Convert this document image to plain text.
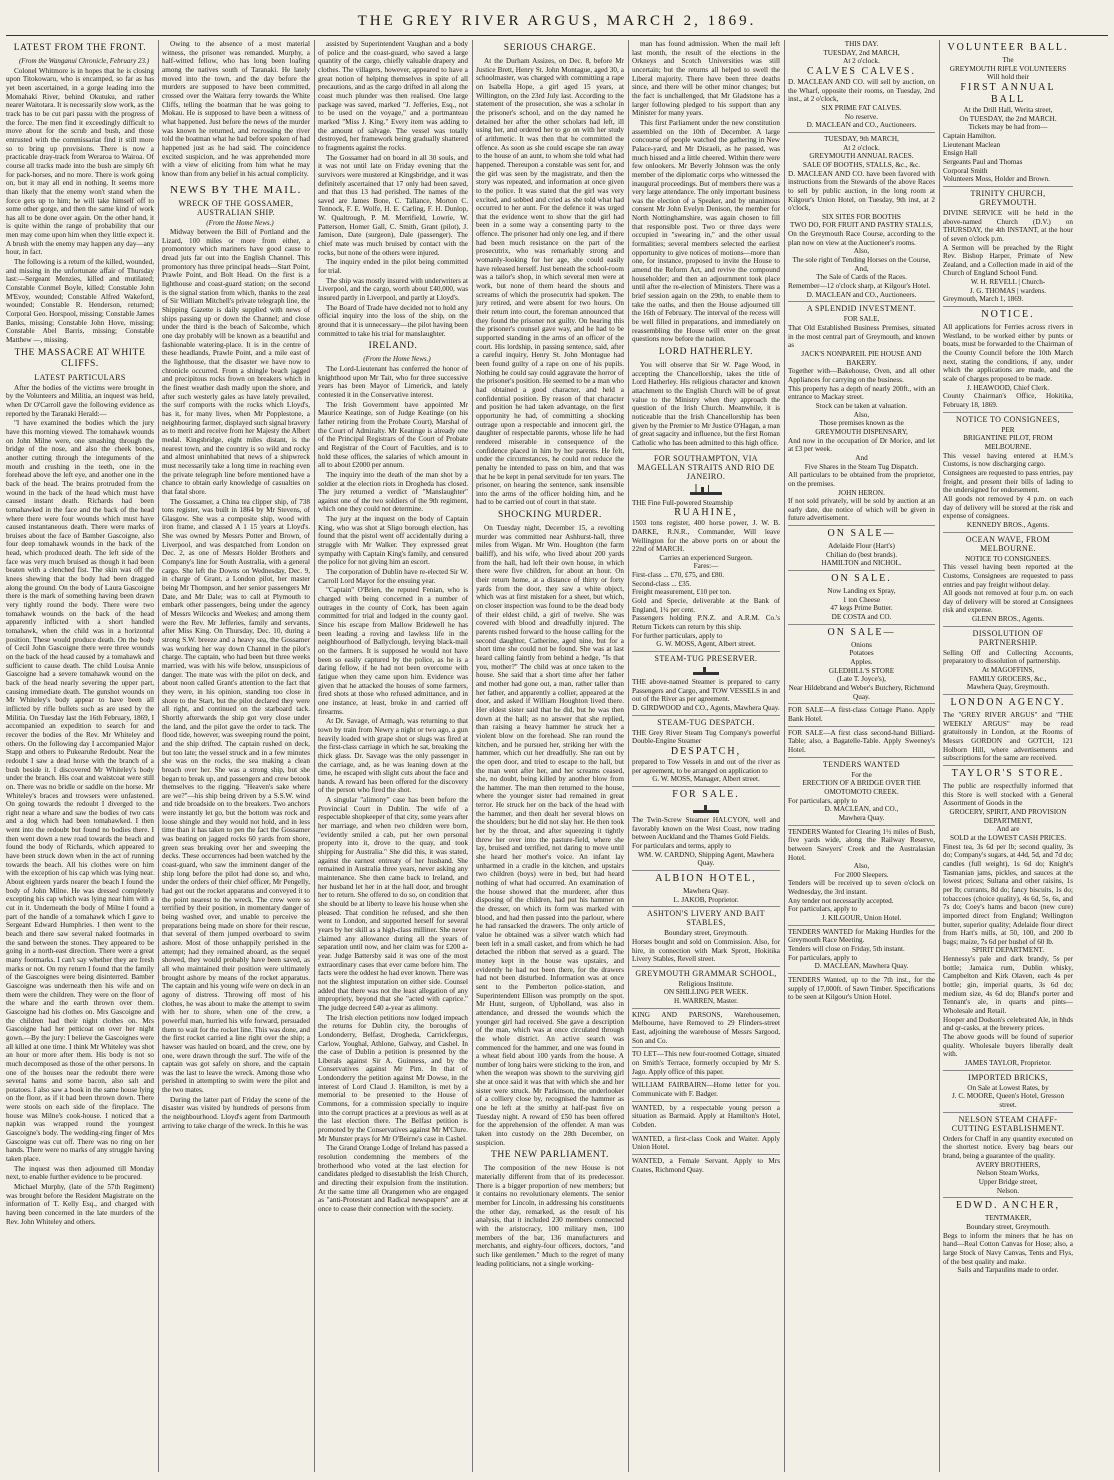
THE GREY RIVER ARGUS, MARCH 2, 1869.
LATEST FROM THE FRONT.

(From the Wanganui Chronicle, February 23.)

Colonel Whitmore is in hopes that he is closing upon Titokowaru, who is encamped, so far as has yet been ascertained, in a gorge leading into the Momahaki River, behind Okutuku, and rather nearer Waitotara. It is necessarily slow work, as the track has to be cut pari passu with the progress of the force. The men find it exceedingly difficult to move about for the scrub and bush, and those entrusted with the commissariat find it still more so to bring up provisions. There is now a practicable dray-track from Weraroa to Wairoa. Of course all tracks made into the bush are simply 6ft for pack-horses, and no more. There is work going on, but it may all end in nothing. It seems more than likely that the enemy won't stand when the force gets up to him; he will take himself off to some other gorge, and then the same kind of work has all to be done over again. On the other hand, it is quite within the range of probability that our men may come upon him when they little expect it. A brush with the enemy may happen any day—any hour, in fact.

The following is a return of the killed, wounded, and missing in the unfortunate affair of Thursday last:—Sergeant Menzies, killed and mutilated; Constable Conmel Boyle, killed; Constable John M'Evoy, wounded; Constable Alfred Wakeford, wounded; Constable R. Henderson, returned; Corporal Geo. Horspool, missing; Constable James Banks, missing; Constable John Hove, missing; Constable Abel Barris, missing; Constable Matthew —, missing.

THE MASSACRE AT WHITE CLIFFS.
LATEST PARTICULARS

After the bodies of the victims were brought in by the Volunteers and Militia, an inquest was held, when Dr O'Carroll gave the following evidence as reported by the Taranaki Herald:—

"I have examined the bodies which the jury have this morning viewed. The tomahawk wounds on John Milne were, one smashing through the bridge of the nose, and also the cheek bones, another cutting through the integuments of the mouth and crushing in the teeth, one in the forehead above the left eye, and another one in the back of the head. The brains protruded from the wound in the back of the head which must have caused instant death. Richards had been tomahawked in the face and the back of the head where there were four wounds which must have caused instantaneous death. There were marks of bruises about the face of Bamber Gascoigne, also four deep tomahawk wounds in the back of the head, which produced death. The left side of the face was very much bruised as though it had been beaten with a clenched fist. The skin was off the knees shewing that the body had been dragged along the ground. On the body of Laura Gascoigne there is the mark of something having been drawn very tightly round the body. There were two tomahawk wounds on the back of the head apparently inflicted with a short handled tomahawk, when the child was in a horizontal position. These would produce death. On the body of Cecil John Gascoigne there were three wounds on the back of the head caused by a tomahawk and sufficient to cause death. The child Louisa Annie Gascoigne had a severe tomahawk wound on the back of the head nearly severing the upper part, causing immediate death. The gunshot wounds on Mr Whiteley's body appear to have been all inflicted by rifle bullets such as are used by the Militia. On Tuesday last the 16th February, 1869, I accompanied an expedition to search for and recover the bodies of the Rev. Mr Whiteley and others. On the following day I accompanied Major Stapp and others to Pukearuhe Redoubt. Near the redoubt I saw a dead horse with the branch of a bush beside it. I discovered Mr Whiteley's body under the branch. His coat and waistcoat were still on. There was no bridle or saddle on the horse. Mr Whiteley's braces and trowsers were unfastened. On going towards the redoubt I diverged to the right near a whare and saw the bodies of two cats and a dog which had been tomahawked. I then went into the redoubt but found no bodies there. I then went down a new road towards the beach and found the body of Richards, which appeared to have been struck down when in the act of running towards the beach. All his clothes were on him with the exception of his cap which was lying near. About eighteen yards nearer the beach I found the body of John Milne. He was dressed completely excepting his cap which was lying near him with a cut in it. Underneath the body of Milne I found a part of the handle of a tomahawk which I gave to Sergeant Edward Humphries. I then went to the beach and there saw several naked footmarks in the sand between the stones. They appeared to be going in a north-east direction. There were a great many footmarks. I can't say whether they are fresh marks or not. On my return I found that the family of the Gascoignes were being disinterred. Bamber Gascoigne was underneath then his wife and on them were the children. They were on the floor of the whare and the earth thrown over them. Gascoigne had his clothes on. Mrs Gascoigne and the children had their night clothes on. Mrs Gascoigne had her petticoat on over her night gown.—By the jury: I believe the Gascoignes were all killed at one time. I think Mr Whiteley was shot an hour or more after them. His body is not so much decomposed as those of the other persons. In one of the houses near the redoubt there were several hams and some bacon, also salt and potatoes. I also saw a book in the same house lying on the floor, as if it had been thrown down. There were stools on each side of the fireplace. The house was Milne's cook-house. I noticed that a napkin was wrapped round the youngest Gascoigne's body. The wedding-ring finger of Mrs Gascoigne was cut off. There was no ring on her hands. There were no marks of any struggle having taken place.

The inquest was then adjourned till Monday next, to enable further evidence to be procured.

Michael Murphy, (late of the 57th Regiment) was brought before the Resident Magistrate on the information of T. Kelly Esq., and charged with having been concerned in the late murders of the Rev. John Whiteley and others.

Owing to the absence of a most material witness, the prisoner was remanded. Murphy, a half-witted fellow, who has long been loafing among the natives south of Taranaki. He lately moved into the town, and the day before the murders are supposed to have been committed, crossed over the Waitara ferry towards the White Cliffs, telling the boatman that he was going to Mokau. He is supposed to have been a witness of what happened. Just before the news of the murder was known he returned, and recrossing the river told the boatman what he had before spoken of had happened just as he had said. The coincidence excited suspicion, and he was apprehended more with a view of eliciting from him what he may know than from any belief in his actual complicity.

NEWS BY THE MAIL.
WRECK OF THE GOSSAMER, AUSTRALIAN SHIP.

(From the Home News.)

Midway between the Bill of Portland and the Lizard, 100 miles or more from either, a promontory which mariners have good cause to dread juts far out into the English Channel. This promontory has three principal heads—Start Point, Prawle Point, and Bolt Head. On the first is a lighthouse and coast-guard station; on the second is the signal station from which, thanks to the zeal of Sir William Mitchell's private telegraph line, the Shipping Gazette is daily supplied with news of ships passing up or down the Channel; and close under the third is the beach of Salcombe, which one day probably will be known as a beautiful and fashionable watering-place. It is in the centre of these headlands, Prawle Point, and a mile east of the lighthouse, that the disaster we have now to chronicle occurred. From a shingle beach jagged and precipitous rocks frown on breakers which in the finest weather dash madly upon the shore, and after such westerly gales as have lately prevailed, the surf comports with the rocks which Lloyd's, has it, for many lives, when Mr Popplestone, a neighbouring farmer, displayed such signal bravery as to merit and receive from her Majesty the Albert medal. Kingsbridge, eight miles distant, is the nearest town, and the country is so wild and rocky and almost uninhabited that news of a shipwreck must necessarily take a long time in reaching even the private telegraph line before mentioned have a chance to obtain early knowledge of casualties on that fatal shore.

The Gossamer, a China tea clipper ship, of 738 tons register, was built in 1864 by Mr Stevens, of Glasgow. She was a composite ship, wood with iron frame, and classed A 1 15 years at Lloyd's. She was owned by Messrs Potter and Brown, of Liverpool, and was despatched from London on Dec. 2, as one of Messrs Holder Brothers and Company's line for South Australia, with a general cargo. She left the Downs on Wednesday, Dec. 9, in charge of Grant, a London pilot, her master being Mr Thompson, and her senior passengers Mr Date, and Mr Dale; was to call at Plymouth to embark other passengers, being under the agency of Messrs Wilcocks and Weekes; and among them were the Rev. Mr Jefferies, family and servants, after Miss King. On Thursday, Dec. 10, during a strong S.W. breeze and a heavy sea, the Gossamer was working her way down Channel in the pilot's charge. The captain, who had been but three weeks married, was with his wife below, unsuspicious of danger. The mate was with the pilot on deck, and about noon called Grant's attention to the fact that they were, in his opinion, standing too close in shore to the Start, but the pilot declared they were all right, and continued on the starboard tack. Shortly afterwards the ship got very close under the land, and the pilot gave the order to tack. The flood tide, however, was sweeping round the point, and the ship drifted. The captain rushed on deck, but too late; the vessel struck and in a few minutes she was on the rocks, the sea making a clean breach over her. She was a strong ship, but she began to break up, and passengers and crew betook themselves to the rigging. "Heaven's sake where are we?"—his ship being driven by a S.S.W. wind and tide broadside on to the breakers. Two anchors were instantly let go, but the bottom was rock and loose shingle and they would not hold, and in less time than it has taken to pen the fact the Gossamer was beating on jagged rocks 60 yards from shore, green seas breaking over her and sweeping the decks. These occurrences had been watched by the coast-guard, who saw the imminent danger of the ship long before the pilot had done so, and who, under the orders of their chief officer, Mr Pengelly, had got out the rocket apparatus and conveyed it to the point nearest to the wreck. The crew were so terrified by their position, in momentary danger of being washed over, and unable to perceive the preparations being made on shore for their rescue, that several of them jumped overboard to swim ashore. Most of those unhappily perished in the attempt; had they remained aboard, as the sequel showed, they would probably have been saved, as all who maintained their position were ultimately brought ashore by means of the rocket apparatus. The captain and his young wife were on deck in an agony of distress. Throwing off most of his clothes, he was about to make the attempt to swim with her to shore, when one of the crew, a powerful man, hurried his wife forward, persuaded them to wait for the rocket line. This was done, and the first rocket carried a line right over the ship; a hawser was hauled on board, and the crew, one by one, were drawn through the surf. The wife of the captain was got safely on shore, and the captain was the last to leave the wreck. Among those who perished in attempting to swim were the pilot and the two mates.

During the latter part of Friday the scene of the disaster was visited by hundreds of persons from the neighbourhood. Lloyd's agent from Dartmouth arriving to take charge of the wreck. In this he was

assisted by Superintendent Vaughan and a body of police and the coast-guard, who saved a large quantity of the cargo, chiefly valuable drapery and clothes. The villagers, however, appeared to have a great notion of helping themselves in spite of all precautions, and as the cargo drifted in all along the coast much plunder was then realised. One large package was saved, marked "J. Jefferies, Esq., not to be used on the voyage," and a portmanteau marked "Miss J. King." Every item was adding to the amount of salvage. The vessel was totally destroyed, her framework being gradually shattered to fragments against the rocks.

The Gossamer had on board in all 30 souls, and it was not until late on Friday evening that the survivors were mustered at Kingsbridge, and it was definitely ascertained that 17 only had been saved, and that thus 13 had perished. The names of the saved are James Bone, C. Tallance, Morton C. Tennock, F. E. Wolfe, H. E. Carling, F. H. Dunlop, W. Qualtrough, P. M. Merrifield, Lowrie, W. Patterson, Homer Gall, C. Smith, Grant (pilot), J. Jamison, Date (surgeon), Dale (passenger). The chief mate was much bruised by contact with the rocks, but none of the others were injured.

The inquiry ended in the pilot being committed for trial.

The ship was mostly insured with underwriters at Liverpool, and the cargo, worth about £40,000, was insured partly in Liverpool, and partly at Lloyd's.

The Board of Trade have decided not to hold any official inquiry into the loss of the ship, on the ground that it is unnecessary—the pilot having been committed to take his trial for manslaughter.

IRELAND.

(From the Home News.)

The Lord-Lieutenant has conferred the honor of knighthood upon Mr Tait, who for three successive years has been Mayor of Limerick, and lately contested it in the Conservative interest.

The Irish Government have appointed Mr Maurice Keatinge, son of Judge Keatinge (on his father retiring from the Probate Court), Marshal of the Court of Admiralty. Mr Keatinge is already one of the Principal Registrars of the Court of Probate and Registrar of the Court of Faculties, and is to hold these offices, the salaries of which amount in all to about £2000 per annum.

The inquiry into the death of the man shot by a soldier at the election riots in Drogheda has closed. The jury returned a verdict of "Manslaughter" against one of the two soldiers of the 9th regiment, which one they could not determine.

The jury at the inquest on the body of Captain King, who was shot at Sligo borough election, has found that the pistol went off accidentally during a struggle with Mr Walker. They expressed great sympathy with Captain King's family, and censured the police for not giving him an escort.

The corporation of Dublin have re-elected Sir W. Carroll Lord Mayor for the ensuing year.

"Captain" O'Brien, the reputed Fenian, who is charged with being concerned in a number of outrages in the county of Cork, has been again committed for trial and lodged in the county gaol. Since his escape from Mallow Bridewell he has been leading a roving and lawless life in the neighbourhood of Ballyclough, levying black-mail on the farmers. It is supposed he would not have been so easily captured by the police, as he is a daring fellow, if he had not been overcome with fatigue when they came upon him. Evidence was given that he attacked the houses of some farmers, fired shots at those who refused admittance, and in one instance, at least, broke in and carried off firearms.

At Dr. Savage, of Armagh, was returning to that town by train from Newry a night or two ago, a gun heavily loaded with grape shot or slugs was fired at the first-class carriage in which he sat, breaking the thick glass. Dr. Savage was the only passenger in the carriage, and, as he was leaning down at the time, he escaped with slight cuts about the face and hands. A reward has been offered for the discovery of the person who fired the shot.

A singular "alimony" case has been before the Provincial Court in Dublin. The wife of a respectable shopkeeper of that city, some years after her marriage, and when two children were born, "evidently smiled a cab, put her own personal property into it, drove to the quay, and took shipping for Australia." She did this, it was stated, against the earnest entreaty of her husband. She remained in Australia three years, never asking any maintenance. She then came back to Ireland, and her husband let her in at the hall door, and brought her to return. She offered to do so, on condition that she should be at liberty to leave his house when she pleased. That condition he refused, and she then went to London, and supported herself for several years by her skill as a high-class milliner. She never claimed any allowance during all the years of separation until now, and her claim was for £200 a-year. Judge Battersby said it was one of the most extraordinary cases that ever came before him. The facts were the oddest he had ever known. There was not the slightest imputation on either side. Counsel added that there was not the least allegation of any impropriety, beyond that she "acted with caprice." The judge decreed £40 a-year as alimony.

The Irish election petitions now lodged impeach the returns for Dublin city, the boroughs of Londonderry, Belfast, Drogheda, Carrickfergus, Carlow, Youghal, Athlone, Galway, and Cashel. In the case of Dublin a petition is presented by the Liberals against Sir A. Guinness, and by the Conservatives against Mr Pim. In that of Londonderry the petition against Mr Dowse, in the interest of Lord Claud J. Hamilton, is met by a memorial to be presented to the House of Commons, for a commission specially to inquire into the corrupt practices at a previous as well as at the last election there. The Belfast petition is promoted by the Conservatives against Mr M'Clure. Mr Munster prays for Mr O'Beirne's case in Cashel.

The Grand Orange Lodge of Ireland has passed a resolution condemning the members of the brotherhood who voted at the last election for candidates pledged to disestablish the Irish Church, and directing their expulsion from the institution. At the same time all Orangemen who are engaged as "anti-Protestant and Radical newspapers" are at once to cease their connection with the society.

SERIOUS CHARGE.

At the Durham Assizes, on Dec. 8, before Mr Justice Brett, Henry St. John Montague, aged 30, a schoolmaster, was charged with committing a rape on Isabella Hope, a girl aged 15 years, at Willington, on the 23rd July last. According to the statement of the prosecution, she was a scholar in the prisoner's school, and on the day named he detained her after the other scholars had left, ill using her, and ordered her to go on with her study of arithmetic. It was then that he committed the offence. As soon as she could escape she ran away to the house of an aunt, to whom she told what had happened. Thereupon a constable was sent for, and the girl was seen by the magistrate, and then the story was repeated, and information at once given to the police. It was stated that the girl was very excited, and sobbed and cried as she told what had occurred to her aunt. For the defence it was urged that the evidence went to show that the girl had been in a some way a consenting party to the offence. The prisoner had only one leg, and if there had been much resistance on the part of the prosecutrix, who was remarkably strong and womanly-looking for her age, she could easily have released herself. Just beneath the school-room was a tailor's shop, in which several men were at work, but none of them heard the shouts and screams of which the prosecutrix had spoken. The jury retired, and were absent for two hours. On their return into court, the foreman announced that they found the prisoner not guilty. On hearing this the prisoner's counsel gave way, and he had to be supported standing in the arms of an officer of the court. His lordship, in passing sentence, said, after a careful inquiry, Henry St. John Montague had been found guilty of a rape on one of his pupils. Nothing he could say could aggravate the horror of the prisoner's position. He seemed to be a man who had obtained a good character, and held a confidential position. By reason of that character and position he had taken advantage, on the first opportunity he had, of committing a shocking outrage upon a respectable and innocent girl, the daughter of respectable parents, whose life he had rendered miserable in consequence of the confidence placed in him by her parents. He felt, under the circumstances, he could not reduce the penalty he intended to pass on him, and that was that he be kept in penal servitude for ten years. The prisoner, on hearing the sentence, sank insensible into the arms of the officer holding him, and he had to be carried out of court in that state.

SHOCKING MURDER.

On Tuesday night, December 15, a revolting murder was committed near Ashhurst-hall, three miles from Wigan. Mr Wm. Houghton (the farm bailiff), and his wife, who lived about 200 yards from the hall, had left their own house, in which there were five children, for about an hour. On their return home, at a distance of thirty or forty yards from the door, they saw a white object, which was at first mistaken for a sheet, but which, on closer inspection was found to be the dead body of their eldest child, a girl of twelve. She was covered with blood and dreadfully injured. The parents rushed forward to the house calling for the second daughter, Catherine, aged nine, but for a short time she could not be found. She was at last heard calling faintly from behind a hedge, "Is that you, mother?" The child was at once taken to the house. She said that a short time after her father and mother had gone out, a man, rather taller than her father, and apparently a collier, appeared at the door, and asked if William Houghton lived there. Her eldest sister said that he did, but he was then down at the hall; as no answer that she replied, than raising a heavy hammer he struck her a violent blow on the forehead. She ran round the kitchen, and he pursued her, striking her with the hammer, which cut her dreadfully. She ran out by the open door, and tried to escape to the hall, but the man went after her, and her screams ceased, she, no doubt, being killed by another blow from the hammer. The man then returned to the house, where the younger sister had remained in great terror. He struck her on the back of the head with the hammer, and then dealt her several blows on the shoulders; but he did not slay her. He then took her by the throat, and after squeezing it tightly threw her over into the pasture-field, where she lay, bruised and terrified, not daring to move until she heard her mother's voice. An infant lay unharmed in a cradle in the kitchen, and upstairs two children (boys) were in bed, but had heard nothing of what had occurred. An examination of the house showed that the murderer, after thus disposing of the children, had put his hammer on the dresser, on which its form was marked with blood, and had then passed into the parlour, where he had ransacked the drawers. The only article of value he obtained was a silver watch which had been left in a small casket, and from which he had detached the ribbon that served as a guard. The money kept in the house was upstairs, and evidently he had not been there, for the drawers had not been disturbed. Information was at once sent to the Pemberton police-station, and Superintendent Ellison was promptly on the spot. Mr Hunt, surgeon, of Upholland, was also in attendance, and dressed the wounds which the younger girl had received. She gave a description of the man, which was at once circulated through the whole district. An active search was commenced for the hammer, and one was found in a wheat field about 100 yards from the house. A number of long hairs were sticking to the iron, and when the weapon was shown to the surviving girl she at once said it was that with which she and her sister were struck. Mr Parkinson, the underlooker of a colliery close by, recognised the hammer as one he left at the smithy at half-past five on Tuesday night. A reward of £50 has been offered for the apprehension of the offender. A man was taken into custody on the 28th December, on suspicion.

THE NEW PARLIAMENT.

The composition of the new House is not materially different from that of its predecessor. There is a bigger proportion of new members; but it contains no revolutionary elements. The senior member for Lincoln, in addressing his constituents the other day, remarked, as the result of his analysis, that it included 230 members connected with the aristocracy, 100 military men, 100 members of the bar, 136 manufacturers and merchants, and eighty-four officers, doctors, "and such like gentlemen." Much to the regret of many leading politicians, not a single working-

man has found admission. When the mail left last month, the result of the elections in the Orkneys and Scotch Universities was still uncertain; but the returns all helped to swell the Liberal majority. There have been three deaths since, and there will be other minor changes; but the fact is unchallenged, that Mr Gladstone has a larger following pledged to his support than any Minister for many years.

This first Parliament under the new constitution assembled on the 10th of December. A large concourse of people watched the gathering in New Palace-yard, and Mr Disraeli, as he passed, was much hissed and a little cheered. Within there were few onlookers. Mr Beverly Johnson was the only member of the diplomatic corps who witnessed the inaugural proceedings. But of members there was a very large attendance. The only important business was the election of a Speaker, and by unanimous consent Mr John Evelyn Denison, the member for North Nottinghamshire, was again chosen to fill that responsible post. Two or three days were occupied in "swearing in," and the other usual formalities; several members selected the earliest opportunity to give notices of motions—more than one, for instance, proposed to invite the House to amend the Reform Act, and revive the compound householder; and then an adjournment took place until after the re-election of Ministers. There was a brief session again on the 29th, to enable them to take the oaths, and then the House adjourned till the 16th of February. The interval of the recess will be well filled in preparations, and immediately on reassembling the House will enter on the great questions now before the nation.

LORD HATHERLEY.

You will observe that Sir W. Page Wood, in accepting the Chancellorship, takes the title of Lord Hatherley. His religious character and known attachment to the English Church will be of great value to the Ministry when they approach the question of the Irish Church. Meanwhile, it is noticeable that the Irish Chancellorship has been given by the Premier to Mr Justice O'Hagan, a man of great sagacity and influence, but the first Roman Catholic who has been admitted to this high office.

FOR SOUTHAMPTON, VIA MAGELLAN STRAITS AND RIO DE JANEIRO.

THE Fine Full-powered Steamship

RUAHINE,

1503 tons register, 400 horse power, J. W. B. DARKE, R.N.R., Commander, Will leave Wellington for the above ports on or about the 22nd of MARCH.

Carries an experienced Surgeon.

Fares:—

First-class ... £70, £75, and £80.

Second-class ... £35.

Freight measurement, £10 per ton.

Gold and Specie, deliverable at the Bank of England, 1¼ per cent.

Passengers holding P.N.Z. and A.R.M. Co.'s Return Tickets can return by this ship.

For further particulars, apply to

G. W. MOSS, Agent, Albert street.

STEAM-TUG PRESERVER.

THE above-named Steamer is prepared to carry Passengers and Cargo, and TOW VESSELS in and out of the River as per agreement.

D. GIRDWOOD and CO., Agents, Mawhera Quay.

STEAM-TUG DESPATCH.

THE Grey River Steam Tug Company's powerful Double-Engine Steamer

DESPATCH,

prepared to Tow Vessels in and out of the river as per agreement, to be arranged on application to

G. W. MOSS, Manager, Albert street.

FOR SALE.

The Twin-Screw Steamer HALCYON, well and favorably known on the West Coast, now trading between Auckland and the Thames Gold Fields.

For particulars and terms, apply to

WM. W. CARDNO, Shipping Agent, Mawhera Quay.

ALBION HOTEL,

Mawhera Quay.

L. JAKOB, Proprietor.

ASHTON'S LIVERY AND BAIT STABLES,

Boundary street, Greymouth.

Horses bought and sold on Commission. Also, for hire, in connection with Mark Sprott, Hokitika Livery Stables, Revell street.

GREYMOUTH GRAMMAR SCHOOL,

Religious Institute.

ON SHILLING PER WEEK.

H. WARREN, Master.

KING AND PARSONS, Warehousemen, Melbourne, have Removed to 29 Flinders-street East, adjoining the warehouse of Messrs Sargood, Son and Co.

TO LET—This new four-roomed Cottage, situated on Smith's Terrace, formerly occupied by Mr S. Jago. Apply office of this paper.

WILLIAM FAIRBAIRN—Home letter for you. Communicate with F. Badger.

WANTED, by a respectable young person a situation as Barmaid. Apply at Hamilton's Hotel, Cobden.

WANTED, a first-class Cook and Waiter. Apply Union Hotel.

WANTED, a Female Servant. Apply to Mrs Coates, Richmond Quay.

THIS DAY.

TUESDAY, 2nd MARCH,

At 2 o'clock.

CALVES CALVES.

D. MACLEAN AND CO. will sell by auction, on the Wharf, opposite their rooms, on Tuesday, 2nd inst., at 2 o'clock,

SIX PRIME FAT CALVES.

No reserve.

D. MACLEAN and CO., Auctioneers.

TUESDAY, 9th MARCH,

At 2 o'clock.

GREYMOUTH ANNUAL RACES.

SALE OF BOOTHS, STALLS, &c., &c.

D. MACLEAN AND CO. have been favored with instructions from the Stewards of the above Races to sell by public auction, in the long room at Kilgour's Union Hotel, on Tuesday, 9th inst, at 2 o'clock,

SIX SITES FOR BOOTHS

TWO DO, FOR FRUIT AND PASTRY STALLS,

On the Greymouth Race Course, according to the plan now on view at the Auctioneer's rooms.

Also,

The sole right of Tending Horses on the Course,

And,

The Sale of Cards of the Races.

Remember—12 o'clock sharp, at Kilgour's Hotel.

D. MACLEAN and CO., Auctioneers.

A SPLENDID INVESTMENT.

FOR SALE,

That Old Established Business Premises, situated in the most central part of Greymouth, and known as

JACK'S NONPAREIL PIE HOUSE AND BAKERY.

Together with—Bakehouse, Oven, and all other Appliances for carrying on the business.

This property has a depth of nearly 200ft., with an entrance to Mackay street.

Stock can be taken at valuation.

Also,

Those premises known as the

GREYMOUTH DISPENSARY,

And now in the occupation of Dr Morice, and let at £3 per week.

And

Five Shares in the Steam Tug Dispatch.

All particulars to be obtained from the proprietor, on the premises.

JOHN HERON.

If not sold privately, will be sold by auction at an early date, due notice of which will be given in future advertisement.

ON SALE—

Adelaide Flour (Hart's)

Chilian do (best brands).

HAMILTON and NICHOL.

ON SALE.

Now Landing ex Spray,

1 ton Cheese

47 kegs Prime Butter.

DE COSTA and CO.

ON SALE—

Onions

Potatoes

Apples.

GLEDHILL'S STORE

(Late T. Joyce's),

Near Hildebrand and Weber's Butchery, Richmond Quay.

FOR SALE—A first-class Cottage Piano. Apply Bank Hotel.

FOR SALE—A first class second-hand Billiard-Table; also, a Bagatelle-Table. Apply Sweeney's Hotel.

TENDERS WANTED

For the

ERECTION OF A BRIDGE OVER THE

OMOTOMOTO CREEK.

For particulars, apply to

D. MACLEAN, and CO.,

Mawhera Quay.

TENDERS Wanted for Clearing 1½ miles of Bush, five yards wide, along the Railway Reserve, between Sawyers' Creek and the Australasian Hotel.

Also,

For 2000 Sleepers.

Tenders will be received up to seven o'clock on Wednesday, the 3rd instant.

Any tender not necessarily accepted.

For particulars, apply to

J. KILGOUR, Union Hotel.

TENDERS WANTED for Making Hurdles for the Greymouth Race Meeting.

Tenders will close on Friday, 5th instant.

For particulars, apply to

D. MACLEAN, Mawhera Quay.

TENDERS Wanted, up to the 7th inst., for the supply of 17,000ft. of Sawn Timber. Specifications to be seen at Kilgour's Union Hotel.

VOLUNTEER BALL.

The

GREYMOUTH RIFLE VOLUNTEERS

Will hold their

FIRST ANNUAL BALL

At the Drill Hall, Werita street,

On TUESDAY, the 2nd MARCH.

Tickets may be had from—

Captain Hamilton.

Lieutenant Maclean

Ensign Hall

Sergeants Paul and Thomas

Corporal Smith

Volunteers Moss, Holder and Brown.

TRINITY CHURCH, GREYMOUTH.

DIVINE SERVICE will be held in the above-named Church (D.V.) on THURSDAY, the 4th INSTANT, at the hour of seven o'clock p.m.

A Sermon will be preached by the Right Rev. Bishop Harper, Primate of New Zealand, and a Collection made in aid of the Church of England School Fund.

W. H. REVELL | Church-

J. G. THOMAS | wardens.

Greymouth, March 1, 1869.

NOTICE.

All applications for Ferries across rivers in Westland, to be worked either by punts or boats, must be forwarded to the Chairman of the County Council before the 10th March next, stating the conditions, if any, under which the applications are made, and the scale of charges proposed to be made.

J. HEAWOOD, Chief Clerk.

County Chairman's Office, Hokitika, February 18, 1869.

NOTICE TO CONSIGNEES,

PER

BRIGANTINE PILOT, FROM MELBOURNE.

This vessel having entered at H.M.'s Customs, is now discharging cargo.

Consignees are requested to pass entries, pay freight, and present their bills of lading to the undersigned for endorsement.

All goods not removed by 4 p.m. on each day of delivery will be stored at the risk and expense of consignees.

KENNEDY BROS., Agents.

OCEAN WAVE, FROM MELBOURNE.

NOTICE TO CONSIGNEES.

This vessel having been reported at the Customs, Consignees are requested to pass entries and pay freight without delay.

All goods not removed at four p.m. on each day of delivery will be stored at Consignees risk and expense.

GLENN BROS., Agents.

DISSOLUTION OF PARTNERSHIP.

Selling Off and Collecting Accounts, preparatory to dissolution of partnership.

At MAGOFFINS,

FAMILY GROCERS, &c.,

Mawhera Quay, Greymouth.

LONDON AGENCY.

The "GREY RIVER ARGUS" and "THE WEEKLY ARGUS" may be read gratuitously in London, at the Rooms of Messrs GORDON and GOTCH, 121 Holborn Hill, where advertisements and subscriptions for the same are received.

TAYLOR'S STORE.

The public are respectfully informed that this Store is well stocked with a General Assortment of Goods in the

GROCERY, SPIRIT, AND PROVISION DEPARTMENT,

And are

SOLD at the LOWEST CASH PRICES.

Finest tea, 3s 6d per lb; second quality, 3s do; Company's sugars, at 44d, 5d, and 7d do; candles (full weight), 1s 6d do; Knight's Tasmanian jams, pickles, and sauces at the lowest prices; Sultana and other raisins, 1s per lb; currants, 8d do; fancy biscuits, 1s do; tobaccoes (choice quality), 4s 6d, 5s, 6s, and 7s do; Coey's hams and bacon (new cure) imported direct from England; Wellington butter, superior quality; Adelaide flour direct from Hart's mills, at 50, 100, and 200 lb bags; maize, 7s 6d per bushel of 60 lb.

SPIRIT DEPARTMENT.

Hennessy's pale and dark brandy, 5s per bottle; Jamaica rum, Dublin whisky, Campbelton and Kirk Olaven, each 4s per bottle; gin, imperial quarts, 3s 6d do; medium size, 4s 6d do; Bland's porter and Tennant's ale, in quarts and pints—Wholesale and Retail.

Hooper and Dodson's celebrated Ale, in hhds and qr-casks, at the brewery prices.

The above goods will be found of superior quality. Wholesale buyers liberally dealt with.

JAMES TAYLOR, Proprietor.

IMPORTED BRICKS,

On Sale at Lowest Rates, by

J. C. MOORE, Queen's Hotel, Gresson street.

NELSON STEAM CHAFF-CUTTING ESTABLISHMENT.

Orders for Chaff in any quantity executed on the shortest notice. Every bag bears our brand, being a guarantee of the quality.

AVERY BROTHERS,

Nelson Steam Works,

Upper Bridge street,

Nelson.

EDWD. ANCHER,

TENTMAKER,

Boundary street, Greymouth.

Begs to inform the miners that he has on hand—Real Cotton Canvas for Hose; also, a large Stock of Navy Canvas, Tents and Flys, of the best quality and make.

Sails and Tarpaulins made to order.
